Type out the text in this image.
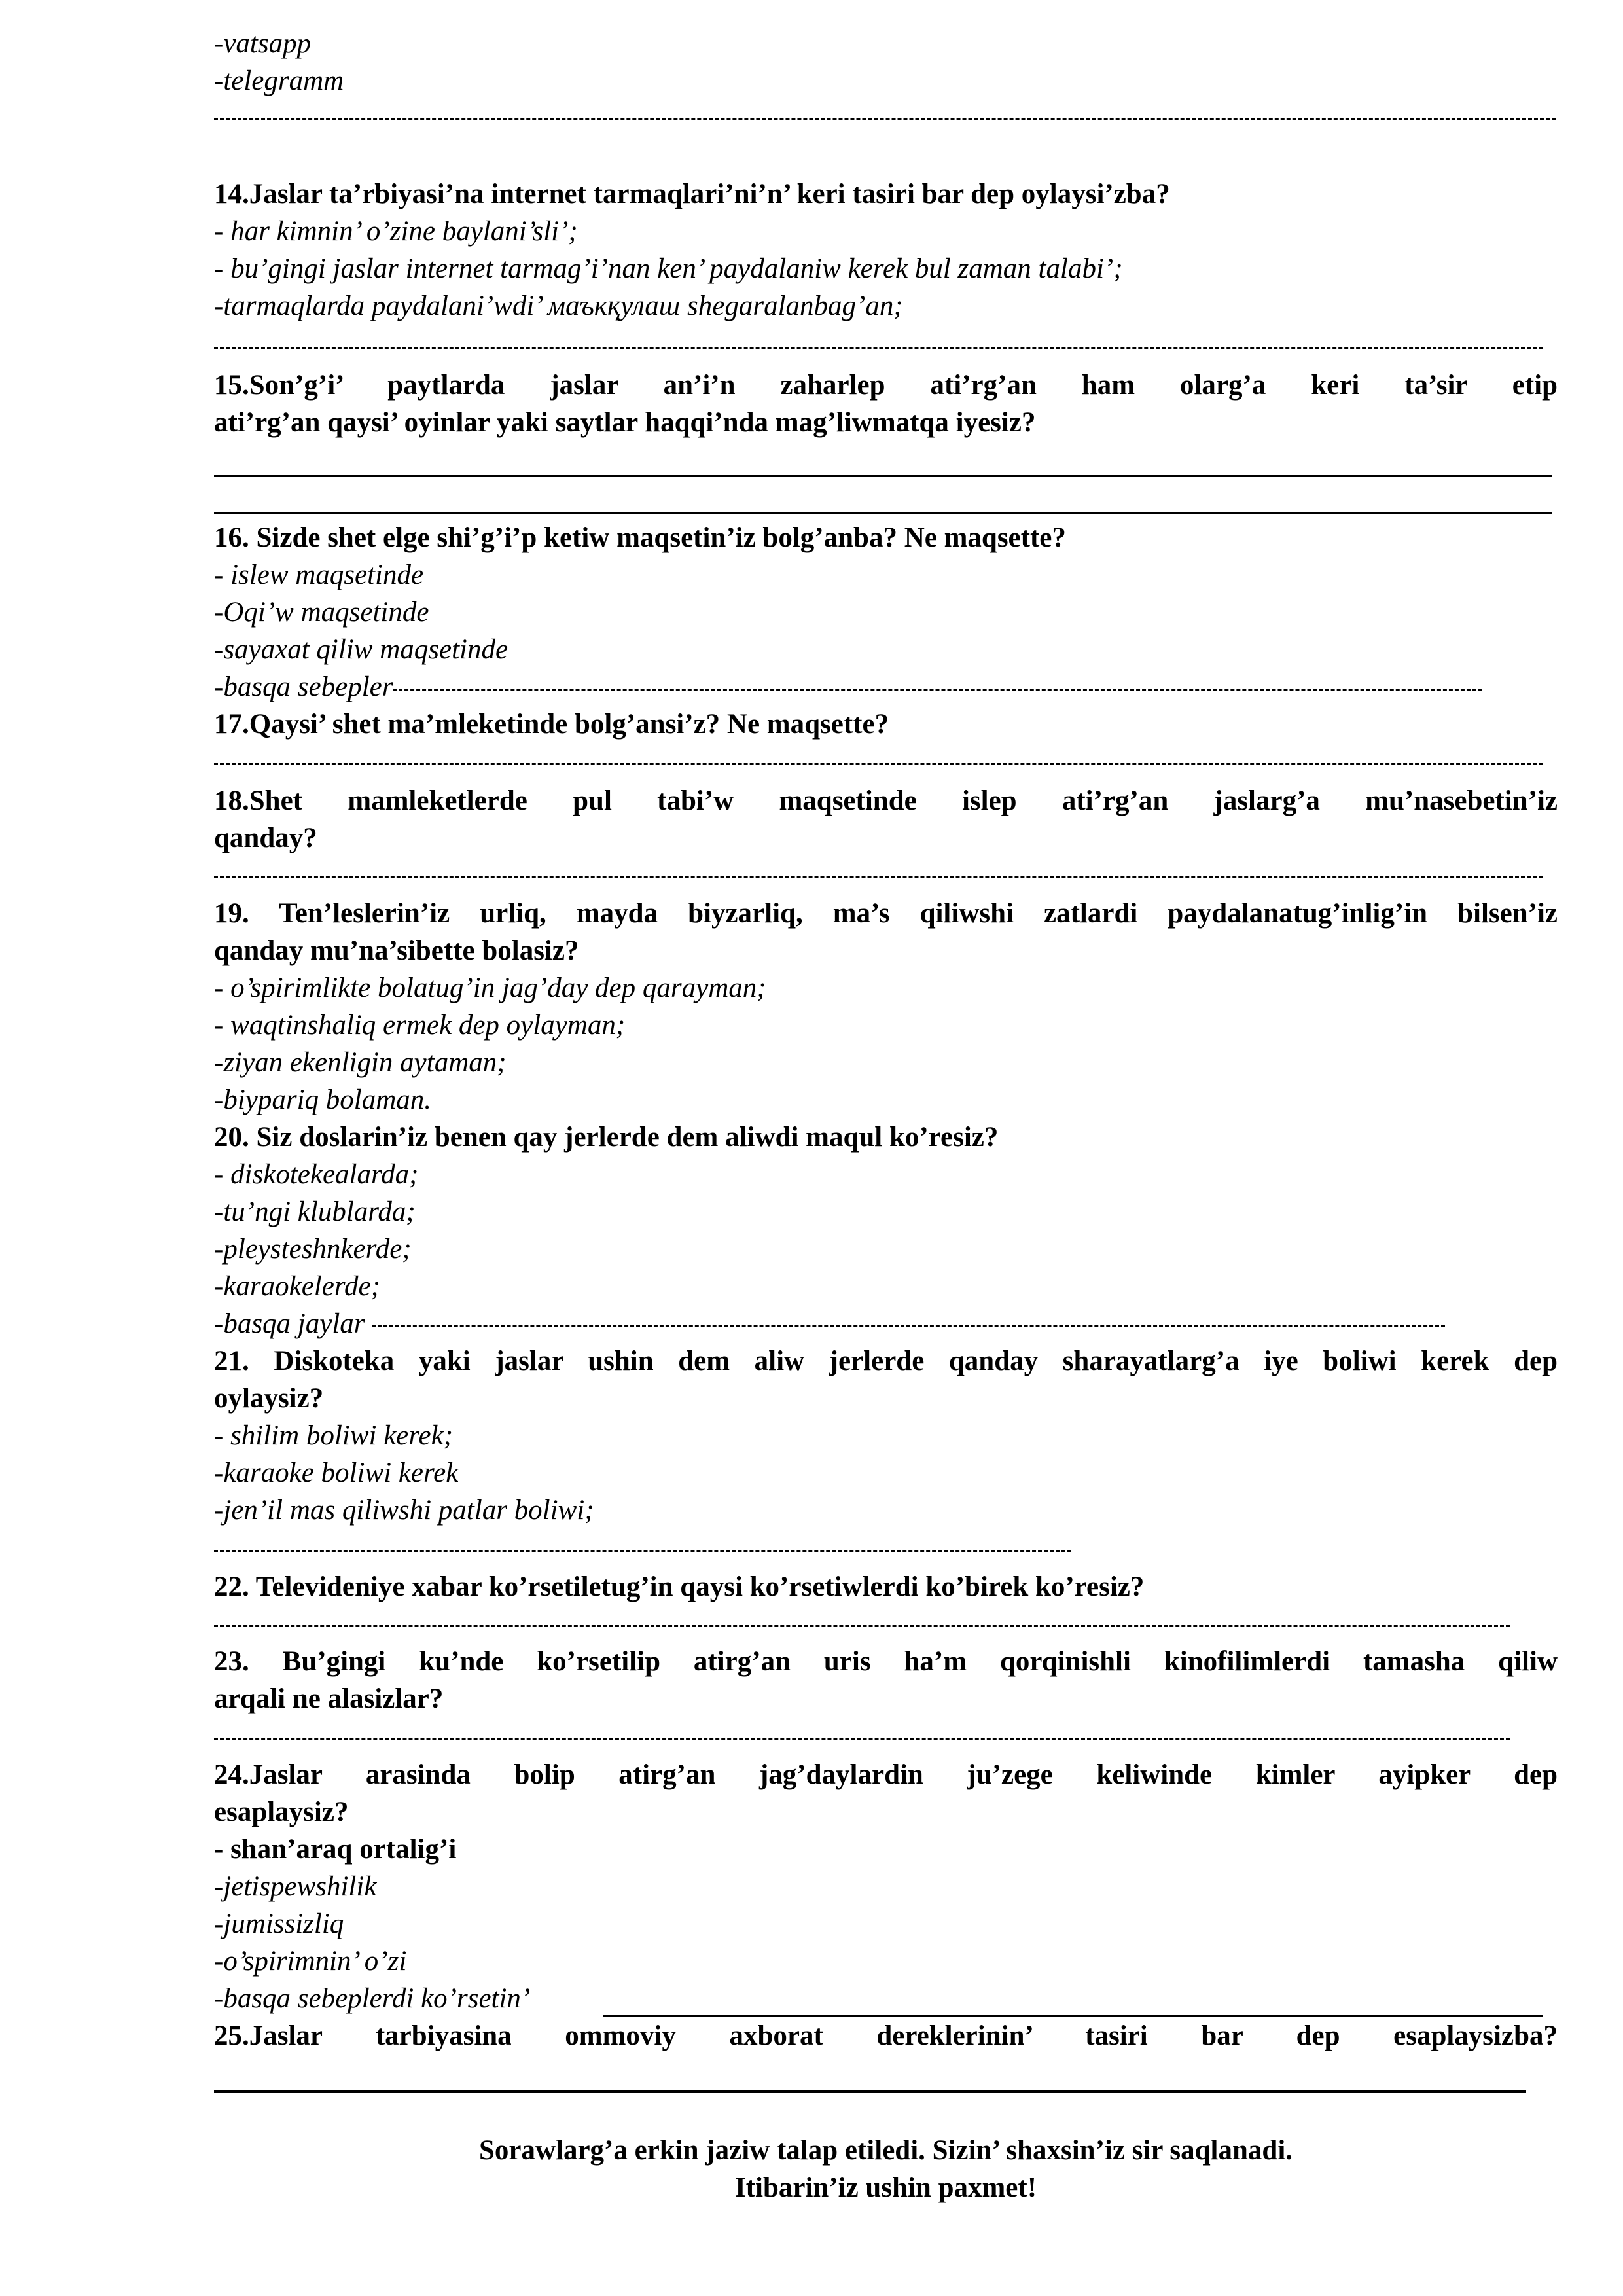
-vatsapp
-telegramm
14.Jaslar ta’rbiyasi’na internet tarmaqlari’ni’n’ keri tasiri bar dep oylaysi’zba?
- har kimnin’ o’zine baylani’sli’;
- bu’gingi jaslar internet tarmag’i’nan ken’ paydalaniw kerek bul zaman talabi’;
-tarmaqlarda paydalani’wdi’ маъкқулаш shegaralanbag’an;
15.Son’g’i’ paytlarda jaslar an’i’n zaharlep ati’rg’an ham olarg’a keri ta’sir etip
ati’rg’an qaysi’ oyinlar yaki saytlar haqqi’nda mag’liwmatqa iyesiz?
16. Sizde shet elge shi’g’i’p ketiw maqsetin’iz bolg’anba? Ne maqsette?
- islew maqsetinde
-Oqi’w maqsetinde
-sayaxat qiliw maqsetinde
-basqa sebepler
17.Qaysi’ shet ma’mleketinde bolg’ansi’z? Ne maqsette?
18.Shet mamleketlerde pul tabi’w maqsetinde islep ati’rg’an jaslarg’a mu’nasebetin’iz
qanday?
19. Ten’leslerin’iz urliq, mayda biyzarliq, ma’s qiliwshi zatlardi paydalanatug’inlig’in bilsen’iz
qanday mu’na’sibette bolasiz?
- o’spirimlikte bolatug’in jag’day dep qarayman;
- waqtinshaliq ermek dep oylayman;
-ziyan ekenligin aytaman;
-biypariq bolaman.
20. Siz doslarin’iz benen qay jerlerde dem aliwdi maqul ko’resiz?
- diskotekealarda;
-tu’ngi klublarda;
-pleysteshnkerde;
-karaokelerde;
-basqa jaylar
21. Diskoteka yaki jaslar ushin dem aliw jerlerde qanday sharayatlarg’a iye boliwi kerek dep
oylaysiz?
- shilim boliwi kerek;
-karaoke boliwi kerek
-jen’il mas qiliwshi patlar boliwi;
22. Televideniye xabar ko’rsetiletug’in qaysi ko’rsetiwlerdi ko’birek ko’resiz?
23. Bu’gingi ku’nde ko’rsetilip atirg’an uris ha’m qorqinishli kinofilimlerdi tamasha qiliw
arqali ne alasizlar?
24.Jaslar arasinda bolip atirg’an jag’daylardin ju’zege keliwinde kimler ayipker dep
esaplaysiz?
- shan’araq ortalig’i
-jetispewshilik
-jumissizliq
-o’spirimnin’ o’zi
-basqa sebeplerdi ko’rsetin’
25.Jaslar tarbiyasina ommoviy axborat dereklerinin’ tasiri bar dep esaplaysizba?
Sorawlarg’a erkin jaziw talap etiledi. Sizin’ shaxsin’iz sir saqlanadi.
Itibarin’iz ushin paxmet!
